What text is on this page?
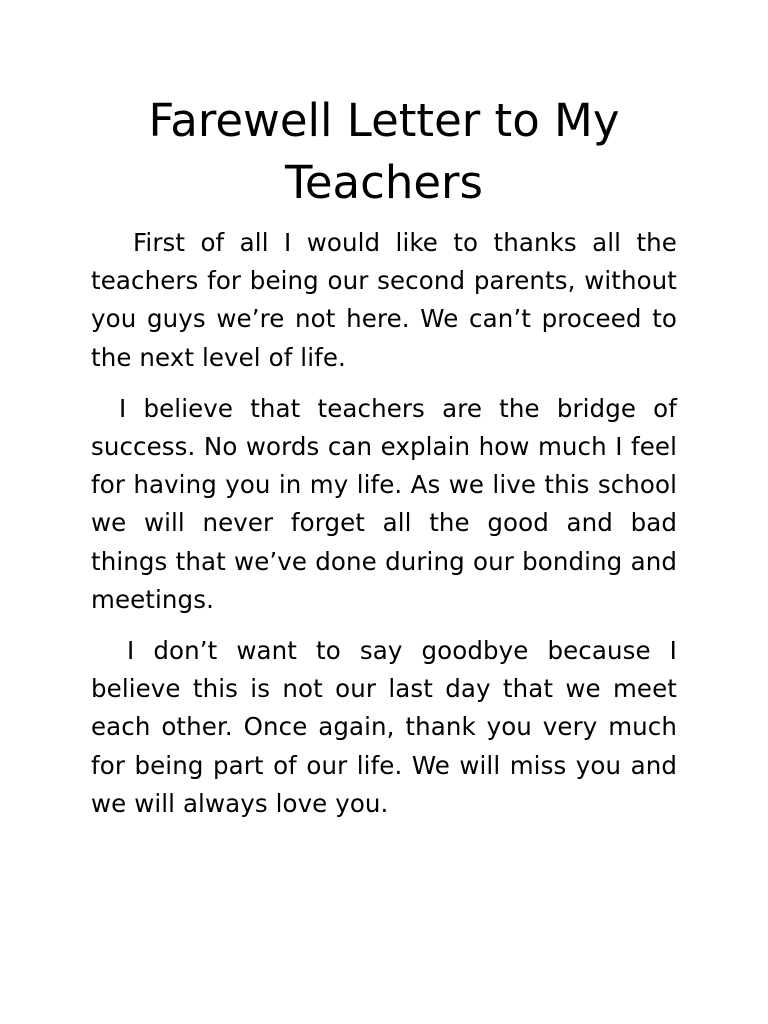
Farewell Letter to My Teachers

First of all I would like to thanks all the teachers for being our second parents, without you guys we’re not here. We can’t proceed to the next level of life.

I believe that teachers are the bridge of success. No words can explain how much I feel for having you in my life. As we live this school we will never forget all the good and bad things that we’ve done during our bonding and meetings.

I don’t want to say goodbye because I believe this is not our last day that we meet each other. Once again, thank you very much for being part of our life. We will miss you and we will always love you.
